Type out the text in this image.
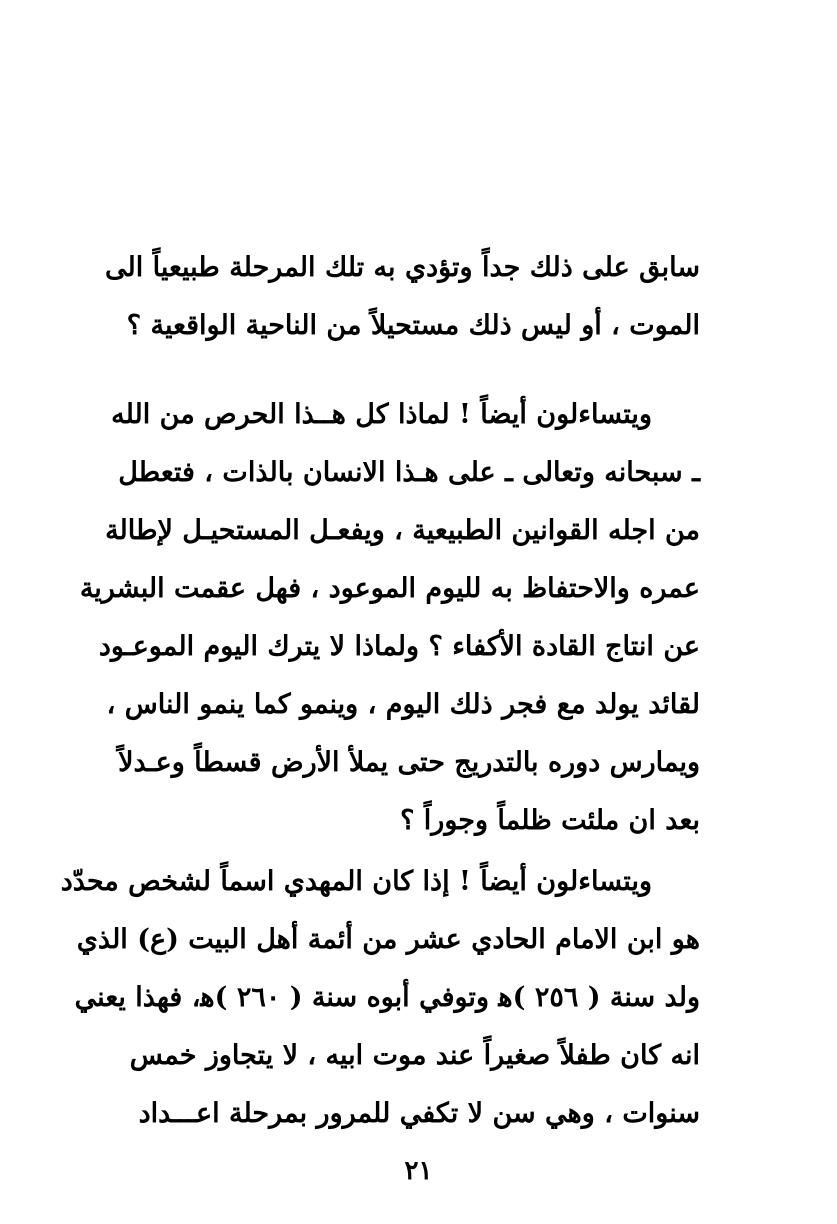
سابق على ذلك جداً وتؤدي به تلك المرحلة طبيعياً الى
الموت ، أو ليس ذلك مستحيلاً من الناحية الواقعية ؟
ويتساءلون أيضاً ! لماذا كل هــذا الحرص من الله
ـ سبحانه وتعالى ـ على هـذا الانسان بالذات ، فتعطل
من اجله القوانين الطبيعية ، ويفعـل المستحيـل لإطالة
عمره والاحتفاظ به لليوم الموعود ، فهل عقمت البشرية
عن انتاج القادة الأكفاء ؟ ولماذا لا يترك اليوم الموعـود
لقائد يولد مع فجر ذلك اليوم ، وينمو كما ينمو الناس ،
ويمارس دوره بالتدريج حتى يملأ الأرض قسطاً وعـدلاً
بعد ان ملئت ظلماً وجوراً ؟
ويتساءلون أيضاً ! إذا كان المهدي اسماً لشخص محدّد
هو ابن الامام الحادي عشر من أئمة أهل البيت (ع) الذي
ولد سنة ( ٢٥٦ )ﻫ وتوفي أبوه سنة ( ٢٦٠ )ﻫ، فهذا يعني
انه كان طفلاً صغيراً عند موت ابيه ، لا يتجاوز خمس
سنوات ، وهي سن لا تكفي للمرور بمرحلة اعـــداد
٢١
